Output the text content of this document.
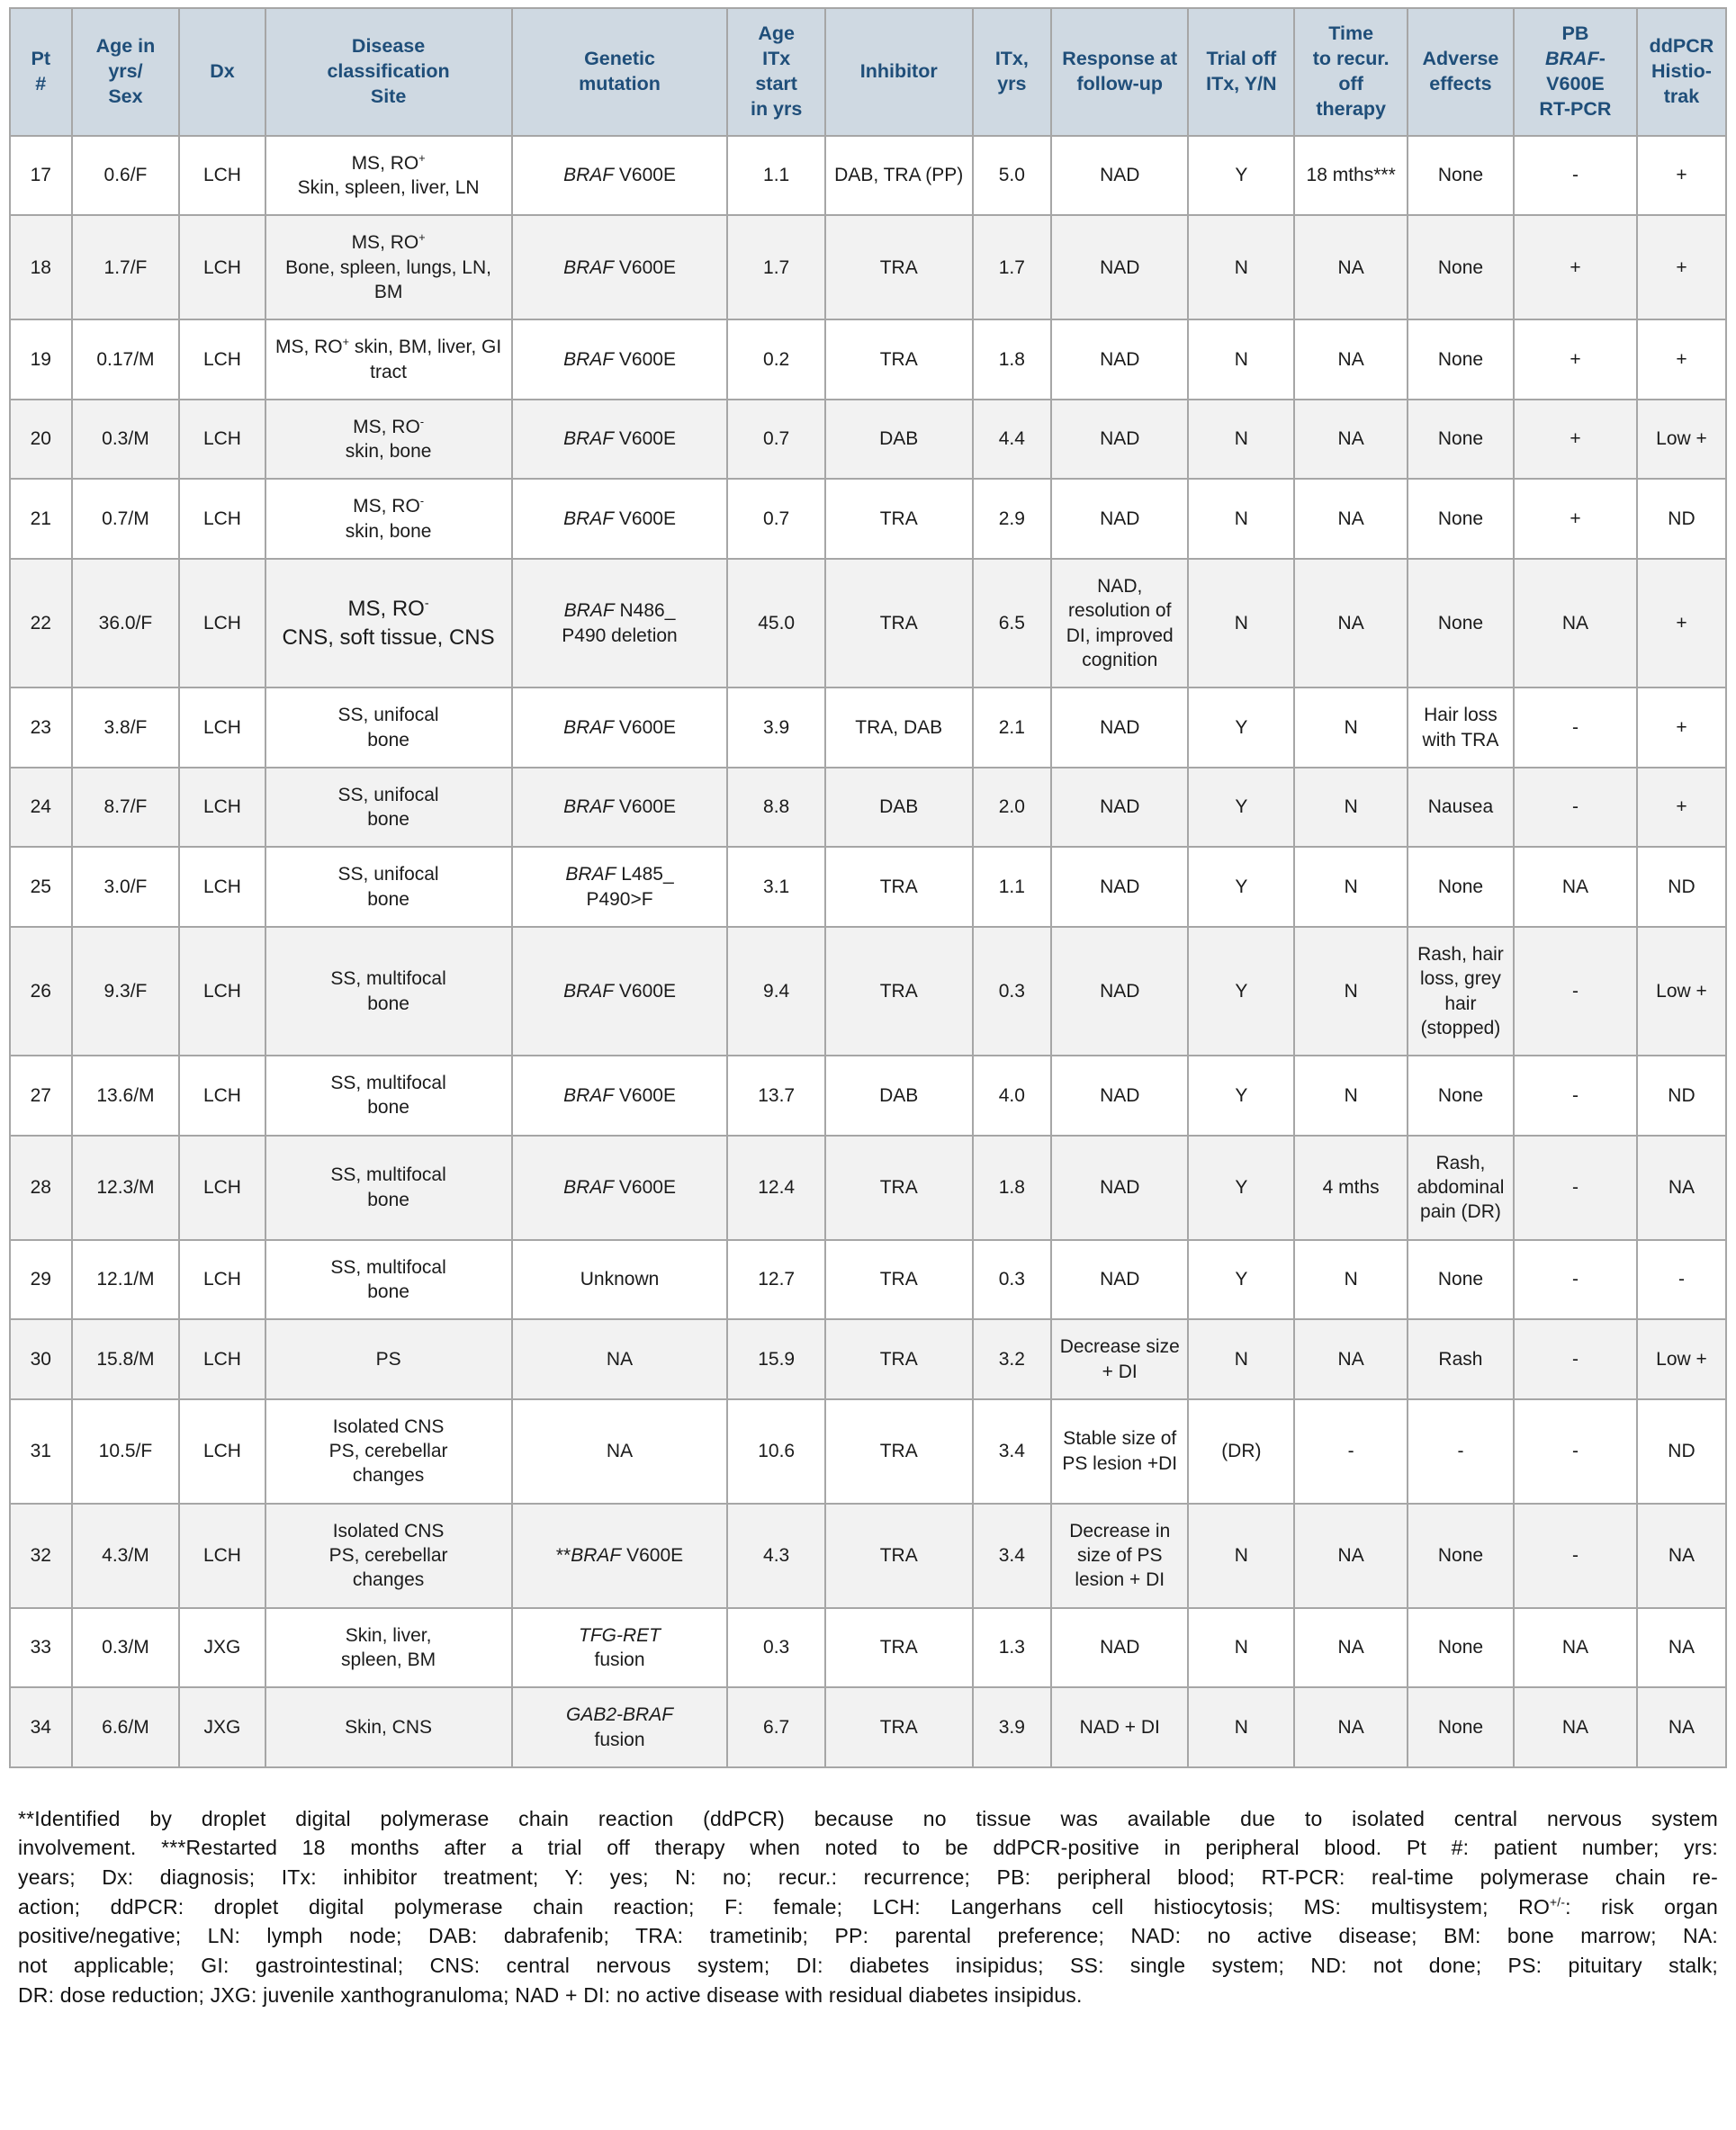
Pt
#	Age in
yrs/
Sex	Dx	Disease
classification
Site	Genetic
mutation	Age
ITx
start
in yrs	Inhibitor	ITx,
yrs	Response at
follow-up	Trial off
ITx, Y/N	Time
to recur.
off
therapy	Adverse
effects	PB
BRAF-V600E
RT-PCR	ddPCR
Histio-
trak
17	0.6/F	LCH	MS, RO+
Skin, spleen, liver, LN	BRAF V600E	1.1	DAB, TRA (PP)	5.0	NAD	Y	18 mths***	None	-	+
18	1.7/F	LCH	MS, RO+
Bone, spleen, lungs, LN, BM	BRAF V600E	1.7	TRA	1.7	NAD	N	NA	None	+	+
19	0.17/M	LCH	MS, RO+ skin, BM, liver, GI tract	BRAF V600E	0.2	TRA	1.8	NAD	N	NA	None	+	+
20	0.3/M	LCH	MS, RO-
skin, bone	BRAF V600E	0.7	DAB	4.4	NAD	N	NA	None	+	Low +
21	0.7/M	LCH	MS, RO-
skin, bone	BRAF V600E	0.7	TRA	2.9	NAD	N	NA	None	+	ND
22	36.0/F	LCH	MS, RO-
CNS, soft tissue, CNS	BRAF N486_
P490 deletion	45.0	TRA	6.5	NAD, resolution of DI, improved cognition	N	NA	None	NA	+
23	3.8/F	LCH	SS, unifocal
bone	BRAF V600E	3.9	TRA, DAB	2.1	NAD	Y	N	Hair loss with TRA	-	+
24	8.7/F	LCH	SS, unifocal
bone	BRAF V600E	8.8	DAB	2.0	NAD	Y	N	Nausea	-	+
25	3.0/F	LCH	SS, unifocal
bone	BRAF L485_
P490>F	3.1	TRA	1.1	NAD	Y	N	None	NA	ND
26	9.3/F	LCH	SS, multifocal
bone	BRAF V600E	9.4	TRA	0.3	NAD	Y	N	Rash, hair loss, grey hair (stopped)	-	Low +
27	13.6/M	LCH	SS, multifocal
bone	BRAF V600E	13.7	DAB	4.0	NAD	Y	N	None	-	ND
28	12.3/M	LCH	SS, multifocal
bone	BRAF V600E	12.4	TRA	1.8	NAD	Y	4 mths	Rash, abdominal pain (DR)	-	NA
29	12.1/M	LCH	SS, multifocal
bone	Unknown	12.7	TRA	0.3	NAD	Y	N	None	-	-
30	15.8/M	LCH	PS	NA	15.9	TRA	3.2	Decrease size + DI	N	NA	Rash	-	Low +
31	10.5/F	LCH	Isolated CNS
PS, cerebellar
changes	NA	10.6	TRA	3.4	Stable size of PS lesion +DI	(DR)	-	-	-	ND
32	4.3/M	LCH	Isolated CNS
PS, cerebellar
changes	**BRAF V600E	4.3	TRA	3.4	Decrease in size of PS lesion + DI	N	NA	None	-	NA
33	0.3/M	JXG	Skin, liver,
spleen, BM	TFG-RET
fusion	0.3	TRA	1.3	NAD	N	NA	None	NA	NA
34	6.6/M	JXG	Skin, CNS	GAB2-BRAF
fusion	6.7	TRA	3.9	NAD + DI	N	NA	None	NA	NA
**Identified by droplet digital polymerase chain reaction (ddPCR) because no tissue was available due to isolated central nervous system
involvement. ***Restarted 18 months after a trial off therapy when noted to be ddPCR-positive in peripheral blood. Pt #: patient number; yrs:
years; Dx: diagnosis; ITx: inhibitor treatment; Y: yes; N: no; recur.: recurrence; PB: peripheral blood; RT-PCR: real-time polymerase chain re-
action; ddPCR: droplet digital polymerase chain reaction; F: female; LCH: Langerhans cell histiocytosis; MS: multisystem; RO+/-: risk organ
positive/negative; LN: lymph node; DAB: dabrafenib; TRA: trametinib; PP: parental preference; NAD: no active disease; BM: bone marrow; NA:
not applicable; GI: gastrointestinal; CNS: central nervous system; DI: diabetes insipidus; SS: single system; ND: not done; PS: pituitary stalk;
DR: dose reduction; JXG: juvenile xanthogranuloma; NAD + DI: no active disease with residual diabetes insipidus.
